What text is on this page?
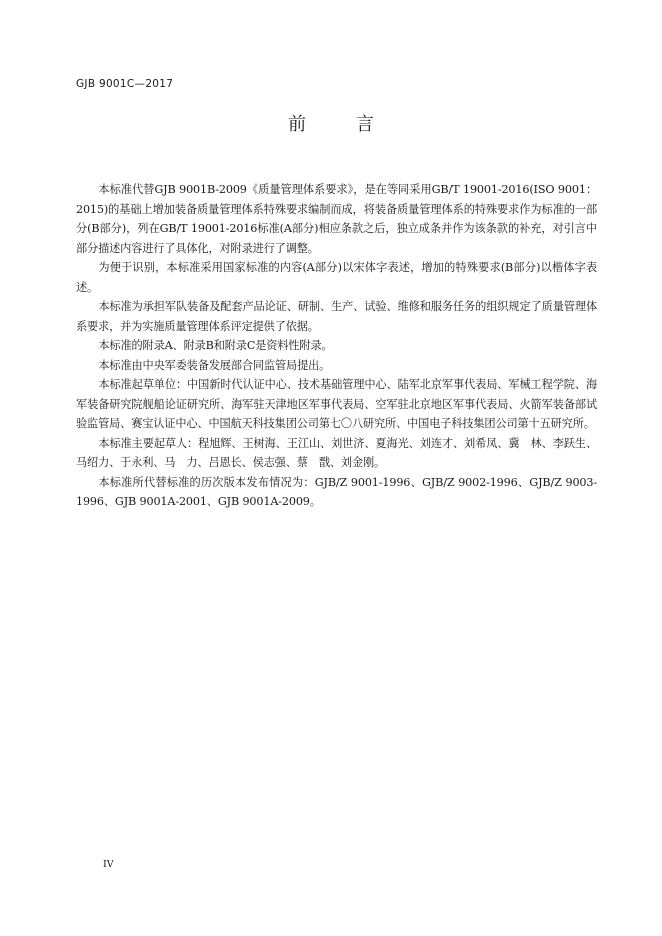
GJB 9001C—2017
前 言

本标准代替GJB 9001B-2009《质量管理体系要求》，是在等同采用GB/T 19001-2016(ISO 9001：2015)的基础上增加装备质量管理体系特殊要求编制而成，将装备质量管理体系的特殊要求作为标准的一部分(B部分)，列在GB/T 19001-2016标准(A部分)相应条款之后，独立成条并作为该条款的补充，对引言中部分描述内容进行了具体化，对附录进行了调整。

为便于识别，本标准采用国家标准的内容(A部分)以宋体字表述，增加的特殊要求(B部分)以楷体字表述。

本标准为承担军队装备及配套产品论证、研制、生产、试验、维修和服务任务的组织规定了质量管理体系要求，并为实施质量管理体系评定提供了依据。

本标准的附录A、附录B和附录C是资料性附录。

本标准由中央军委装备发展部合同监管局提出。

本标准起草单位：中国新时代认证中心、技术基础管理中心、陆军北京军事代表局、军械工程学院、海军装备研究院舰船论证研究所、海军驻天津地区军事代表局、空军驻北京地区军事代表局、火箭军装备部试验监管局、赛宝认证中心、中国航天科技集团公司第七〇八研究所、中国电子科技集团公司第十五研究所。

本标准主要起草人：程旭辉、王树海、王江山、刘世济、夏海光、刘连才、刘希凤、冀　林、李跃生、马绍力、于永利、马　力、吕恩长、侯志强、蔡　戬、刘金刚。

本标准所代替标准的历次版本发布情况为：GJB/Z 9001-1996、GJB/Z 9002-1996、GJB/Z 9003-1996、GJB 9001A-2001、GJB 9001A-2009。

IV
